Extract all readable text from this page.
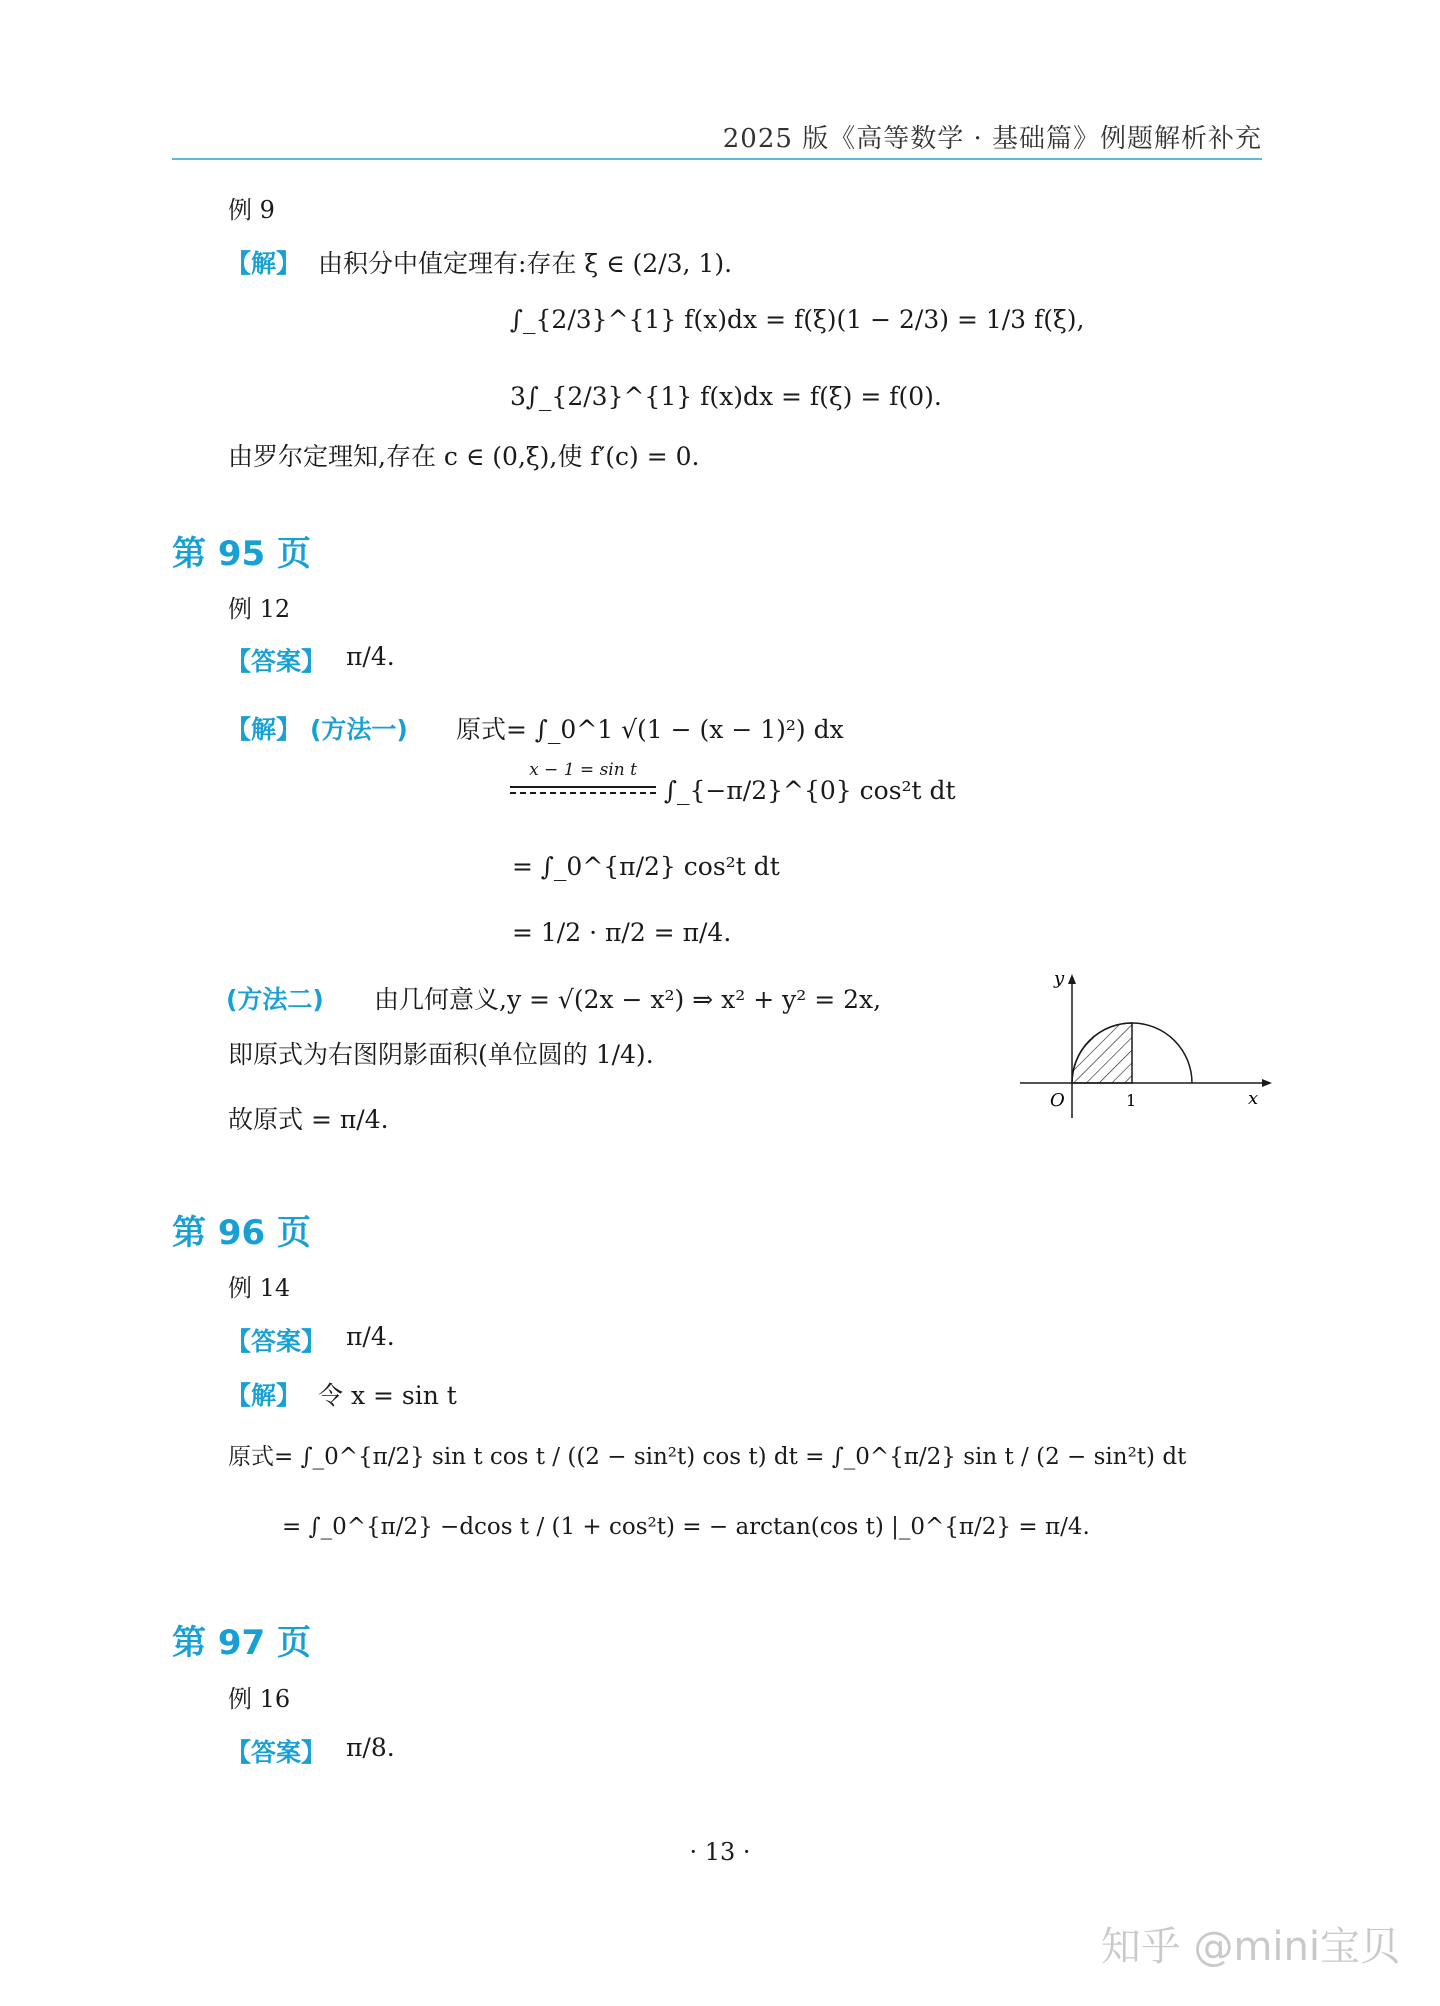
2025 版《高等数学 · 基础篇》例题解析补充
例 9
【解】 由积分中值定理有:存在 ξ ∈ (2/3, 1).
∫_{2/3}^{1} f(x)dx = f(ξ)(1 − 2/3) = 1/3 f(ξ),
3∫_{2/3}^{1} f(x)dx = f(ξ) = f(0).
由罗尔定理知,存在 c ∈ (0,ξ),使 f′(c) = 0.
第 95 页
例 12
【答案】 π/4.
【解】 (方法一) 原式= ∫_0^1 √(1 − (x − 1)²) dx
x − 1 = sin t
∫_{−π/2}^{0} cos²t dt
= ∫_0^{π/2} cos²t dt
= 1/2 · π/2 = π/4.
(方法二) 由几何意义,y = √(2x − x²) ⇒ x² + y² = 2x,
即原式为右图阴影面积(单位圆的 1/4).
故原式 = π/4.
y
x
O	1
第 96 页
例 14
【答案】 π/4.
【解】 令 x = sin t
原式= ∫_0^{π/2} sin t cos t / ((2 − sin²t) cos t) dt = ∫_0^{π/2} sin t / (2 − sin²t) dt
= ∫_0^{π/2} −dcos t / (1 + cos²t) = − arctan(cos t) |_0^{π/2} = π/4.
第 97 页
例 16
【答案】 π/8.
· 13 ·
知乎 @mini宝贝
